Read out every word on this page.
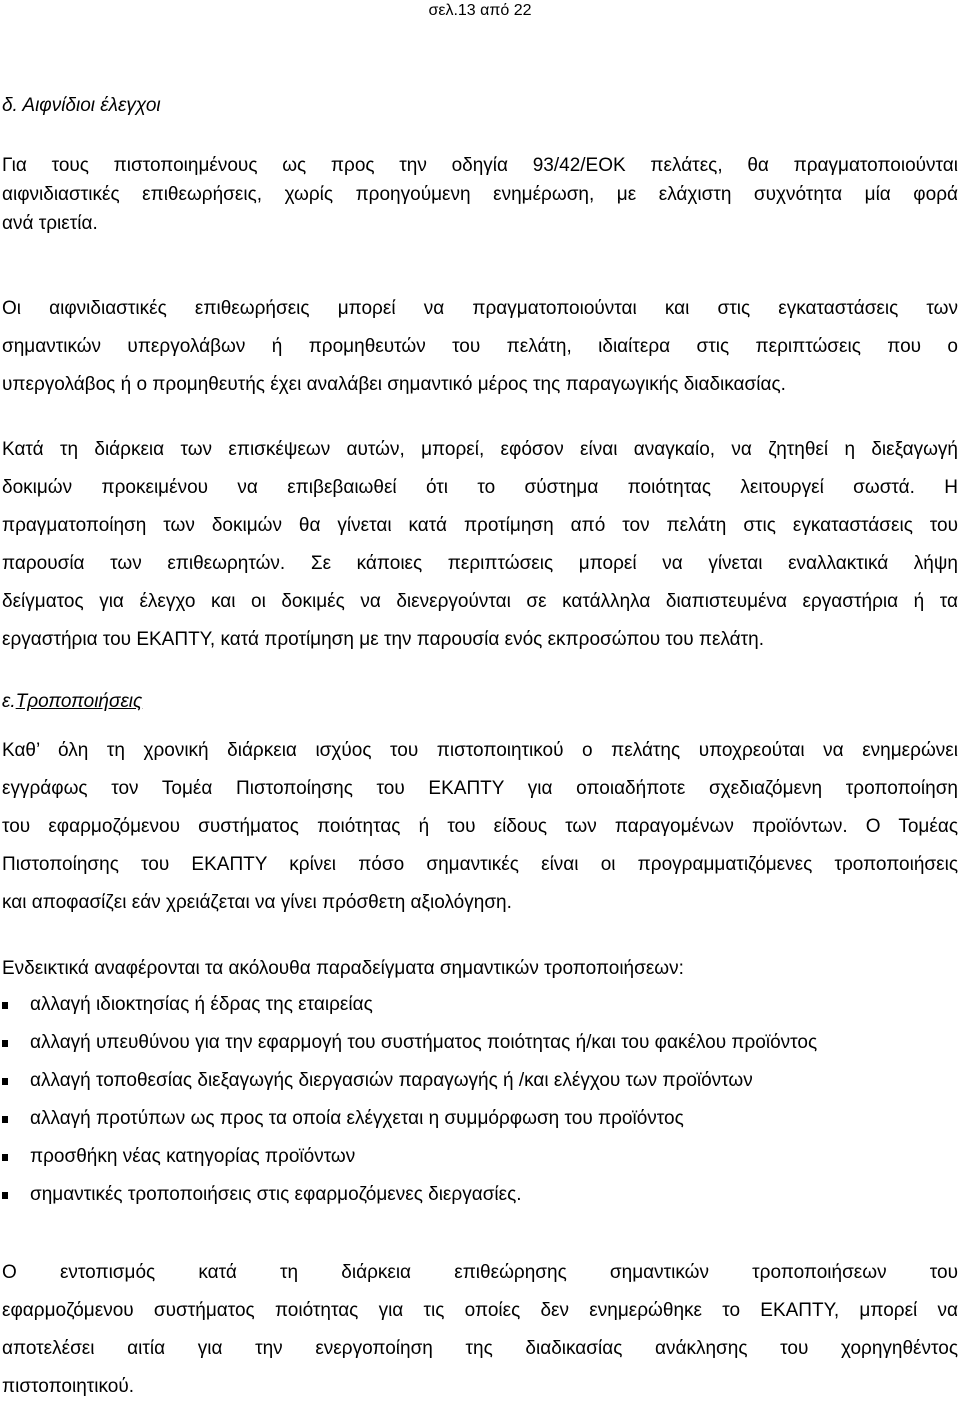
σελ.13 από 22
δ. Αιφνίδιοι έλεγχοι
Για τους πιστοποιημένους ως προς την οδηγία 93/42/ΕΟΚ πελάτες, θα πραγματοποιούνται
αιφνιδιαστικές επιθεωρήσεις, χωρίς προηγούμενη ενημέρωση, με ελάχιστη συχνότητα μία φορά
ανά τριετία.
Οι αιφνιδιαστικές επιθεωρήσεις μπορεί να πραγματοποιούνται και στις εγκαταστάσεις των
σημαντικών υπεργολάβων ή προμηθευτών του πελάτη, ιδιαίτερα στις περιπτώσεις που ο
υπεργολάβος ή ο προμηθευτής έχει αναλάβει σημαντικό μέρος της παραγωγικής διαδικασίας.
Κατά τη διάρκεια των επισκέψεων αυτών, μπορεί, εφόσον είναι αναγκαίο, να ζητηθεί η διεξαγωγή
δοκιμών προκειμένου να επιβεβαιωθεί ότι το σύστημα ποιότητας λειτουργεί σωστά. Η
πραγματοποίηση των δοκιμών θα γίνεται κατά προτίμηση από τον πελάτη στις εγκαταστάσεις του
παρουσία των επιθεωρητών. Σε κάποιες περιπτώσεις μπορεί να γίνεται εναλλακτικά λήψη
δείγματος για έλεγχο και οι δοκιμές να διενεργούνται σε κατάλληλα διαπιστευμένα εργαστήρια ή τα
εργαστήρια του ΕΚΑΠΤΥ, κατά προτίμηση με την παρουσία ενός εκπροσώπου του πελάτη.
ε.Τροποποιήσεις
Καθ’ όλη τη χρονική διάρκεια ισχύος του πιστοποιητικού ο πελάτης υποχρεούται να ενημερώνει
εγγράφως τον Τομέα Πιστοποίησης του ΕΚΑΠΤΥ για οποιαδήποτε σχεδιαζόμενη τροποποίηση
του εφαρμοζόμενου συστήματος ποιότητας ή του είδους των παραγομένων προϊόντων. Ο Τομέας
Πιστοποίησης του ΕΚΑΠΤΥ κρίνει πόσο σημαντικές είναι οι προγραμματιζόμενες τροποποιήσεις
και αποφασίζει εάν χρειάζεται να γίνει πρόσθετη αξιολόγηση.
Ενδεικτικά αναφέρονται τα ακόλουθα παραδείγματα σημαντικών τροποποιήσεων:
αλλαγή ιδιοκτησίας ή έδρας της εταιρείας
αλλαγή υπευθύνου για την εφαρμογή του συστήματος ποιότητας ή/και του φακέλου προϊόντος
αλλαγή τοποθεσίας διεξαγωγής διεργασιών παραγωγής ή /και ελέγχου των προϊόντων
αλλαγή προτύπων ως προς τα οποία ελέγχεται η συμμόρφωση του προϊόντος
προσθήκη νέας κατηγορίας προϊόντων
σημαντικές τροποποιήσεις στις εφαρμοζόμενες διεργασίες.
Ο εντοπισμός κατά τη διάρκεια επιθεώρησης σημαντικών τροποποιήσεων του
εφαρμοζόμενου συστήματος ποιότητας για τις οποίες δεν ενημερώθηκε το ΕΚΑΠΤΥ, μπορεί να
αποτελέσει αιτία για την ενεργοποίηση της διαδικασίας ανάκλησης του χορηγηθέντος
πιστοποιητικού.
